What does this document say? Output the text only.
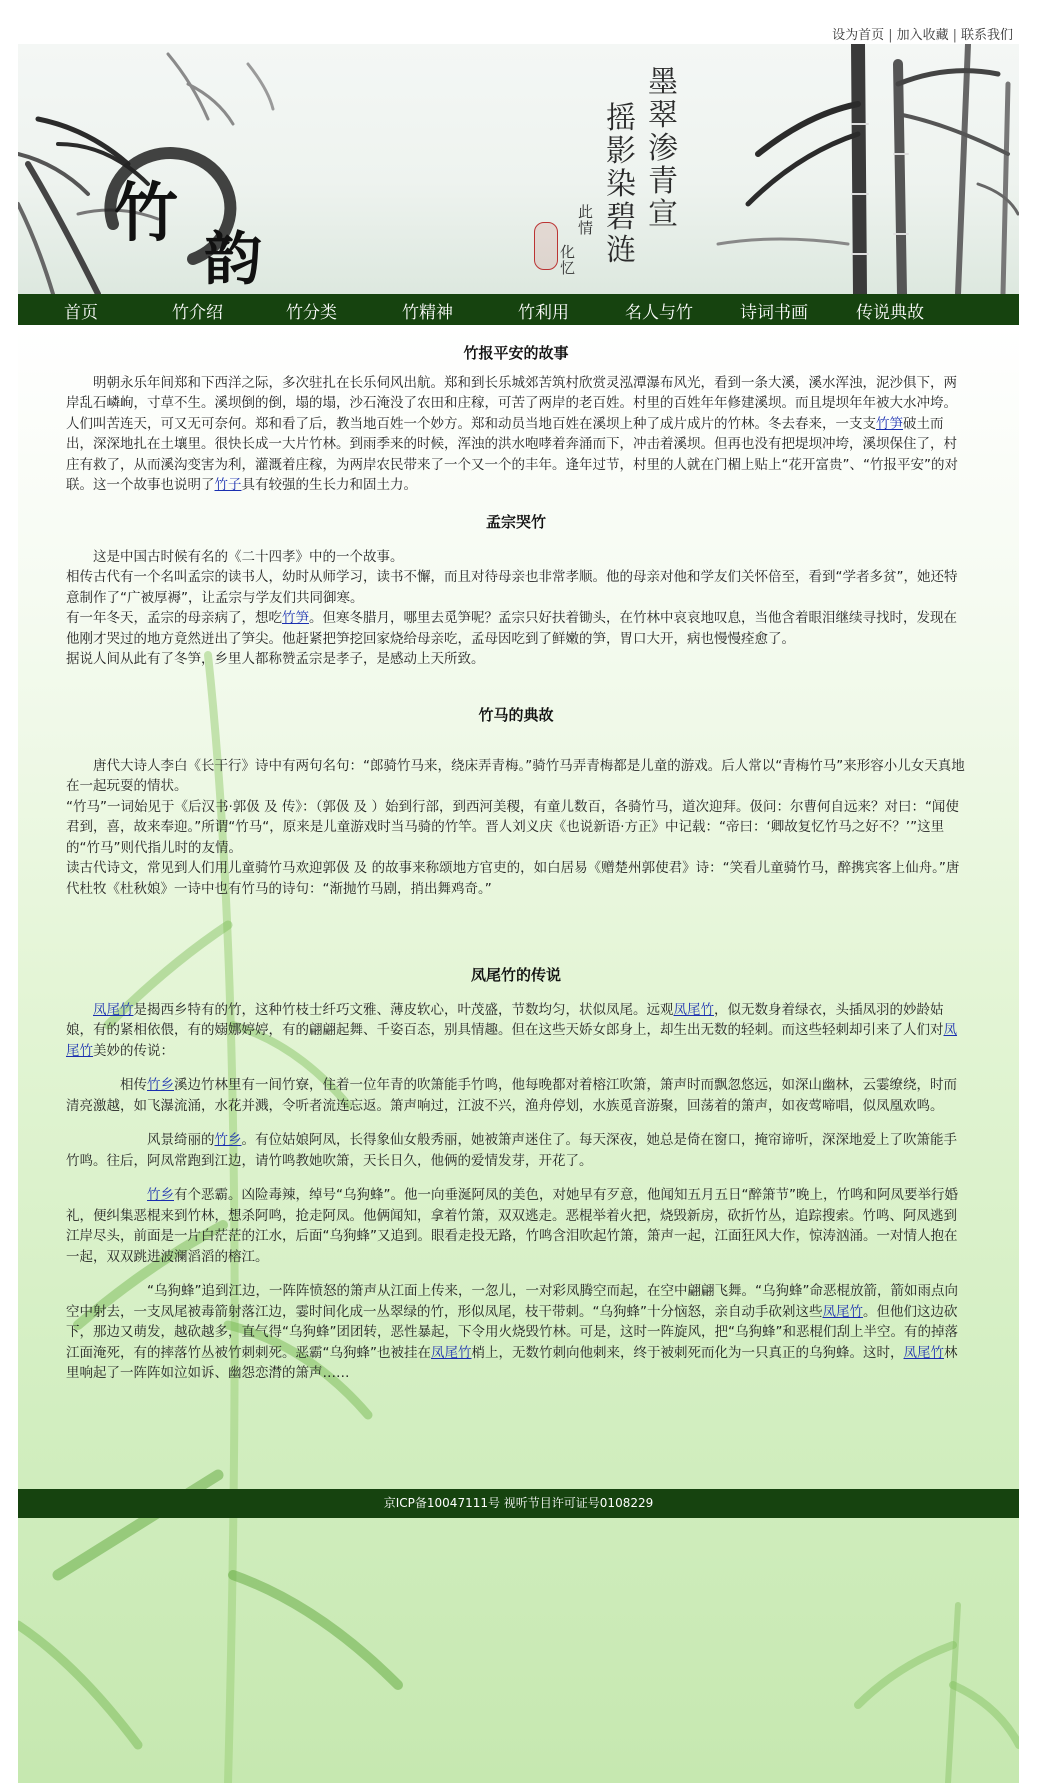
设为首页 | 加入收藏 | 联系我们
竹
韵
墨翠渗青宣
摇影染碧涟
此情
化忆
首页	竹介绍	竹分类	竹精神	竹利用	名人与竹	诗词书画	传说典故
竹报平安的故事

明朝永乐年间郑和下西洋之际，多次驻扎在长乐伺风出航。郑和到长乐城郊苦筑村欣赏灵泓潭瀑布风光，看到一条大溪，溪水浑浊，泥沙俱下，两岸乱石嶙峋，寸草不生。溪坝倒的倒，塌的塌，沙石淹没了农田和庄稼，可苦了两岸的老百姓。村里的百姓年年修建溪坝。而且堤坝年年被大水冲垮。人们叫苦连天，可又无可奈何。郑和看了后，教当地百姓一个妙方。郑和动员当地百姓在溪坝上种了成片成片的竹林。冬去春来，一支支竹笋破土而出，深深地扎在土壤里。很快长成一大片竹林。到雨季来的时候，浑浊的洪水咆哮着奔涌而下，冲击着溪坝。但再也没有把堤坝冲垮，溪坝保住了，村庄有救了，从而溪沟变害为利，灌溉着庄稼，为两岸农民带来了一个又一个的丰年。逢年过节，村里的人就在门楣上贴上“花开富贵”、“竹报平安”的对联。这一个故事也说明了竹子具有较强的生长力和固土力。

孟宗哭竹

这是中国古时候有名的《二十四孝》中的一个故事。

相传古代有一个名叫孟宗的读书人，幼时从师学习，读书不懈，而且对待母亲也非常孝顺。他的母亲对他和学友们关怀倍至，看到“学者多贫”，她还特意制作了“广被厚褥”，让孟宗与学友们共同御寒。

有一年冬天，孟宗的母亲病了，想吃竹笋。但寒冬腊月，哪里去觅笋呢？孟宗只好扶着锄头，在竹林中哀哀地叹息，当他含着眼泪继续寻找时，发现在他刚才哭过的地方竟然迸出了笋尖。他赶紧把笋挖回家烧给母亲吃，孟母因吃到了鲜嫩的笋，胃口大开，病也慢慢痊愈了。

据说人间从此有了冬笋，乡里人都称赞孟宗是孝子，是感动上天所致。

竹马的典故

唐代大诗人李白《长干行》诗中有两句名句：“郎骑竹马来，绕床弄青梅。”骑竹马弄青梅都是儿童的游戏。后人常以“青梅竹马”来形容小儿女天真地在一起玩耍的情状。

“竹马”一词始见于《后汉书·郭伋 及 传》：（郭伋 及 ）始到行部，到西河美稷，有童儿数百，各骑竹马，道次迎拜。伋问：尔曹何自远来？对曰：“闻使君到，喜，故来奉迎。”所谓“竹马“，原来是儿童游戏时当马骑的竹竿。晋人刘义庆《也说新语·方正》中记载：“帝曰：‘卿故复忆竹马之好不？’”这里的“竹马”则代指儿时的友情。

读古代诗文，常见到人们用儿童骑竹马欢迎郭伋 及 的故事来称颂地方官吏的，如白居易《赠楚州郭使君》诗：“笑看儿童骑竹马，醉携宾客上仙舟。”唐代杜牧《杜秋娘》一诗中也有竹马的诗句：“渐抛竹马剧，捎出舞鸡奇。”

凤尾竹的传说

凤尾竹是揭西乡特有的竹，这种竹枝士纤巧文雅、薄皮软心，叶茂盛，节数均匀，状似凤尾。远观凤尾竹，似无数身着绿衣，头插凤羽的妙龄姑娘，有的紧相依偎，有的嫋娜婷婷，有的翩翩起舞、千姿百态，别具情趣。但在这些天娇女郎身上，却生出无数的轻刺。而这些轻刺却引来了人们对凤尾竹美妙的传说：

相传竹乡溪边竹林里有一间竹寮，住着一位年青的吹箫能手竹鸣，他每晚都对着榕江吹箫，箫声时而飘忽悠远，如深山幽林，云霎缭绕，时而清亮激越，如飞瀑流涌，水花并溅，令听者流连忘返。箫声响过，江波不兴，渔舟停划，水族觅音游聚，回荡着的箫声，如夜莺啼唱，似凤凰欢鸣。

风景绮丽的竹乡。有位姑娘阿凤，长得象仙女般秀丽，她被箫声迷住了。每天深夜，她总是倚在窗口，掩帘谛听，深深地爱上了吹箫能手竹鸣。往后，阿凤常跑到江边，请竹鸣教她吹箫，天长日久，他俩的爱情发芽，开花了。

竹乡有个恶霸。凶险毒辣，绰号“乌狗蜂”。他一向垂涎阿凤的美色，对她早有歹意，他闻知五月五日“醉箫节”晚上，竹鸣和阿凤要举行婚礼，便纠集恶棍来到竹林，想杀阿鸣，抢走阿凤。他俩闻知，拿着竹箫，双双逃走。恶棍举着火把，烧毁新房，砍折竹丛，追踪搜索。竹鸣、阿凤逃到江岸尽头，前面是一片白茫茫的江水，后面“乌狗蜂”又追到。眼看走投无路，竹鸣含泪吹起竹箫，箫声一起，江面狂风大作，惊涛汹涌。一对情人抱在一起，双双跳进波澜滔滔的榕江。

“乌狗蜂”追到江边，一阵阵愤怒的箫声从江面上传来，一忽儿，一对彩凤腾空而起，在空中翩翩飞舞。“乌狗蜂”命恶棍放箭，箭如雨点向空中射去，一支凤尾被毒箭射落江边，霎时间化成一丛翠绿的竹，形似凤尾，枝干带刺。“乌狗蜂”十分恼怒，亲自动手砍剁这些凤尾竹。但他们这边砍下，那边又萌发，越砍越多，直气得“乌狗蜂”团团转，恶性暴起，下令用火烧毁竹林。可是，这时一阵旋风，把“乌狗蜂”和恶棍们刮上半空。有的掉落江面淹死，有的摔落竹丛被竹刺刺死。恶霸“乌狗蜂”也被挂在凤尾竹梢上，无数竹刺向他刺来，终于被刺死而化为一只真正的乌狗蜂。这时，凤尾竹林里响起了一阵阵如泣如诉、幽怨恋潸的箫声……

京ICP备10047111号 视听节目许可证号0108229
